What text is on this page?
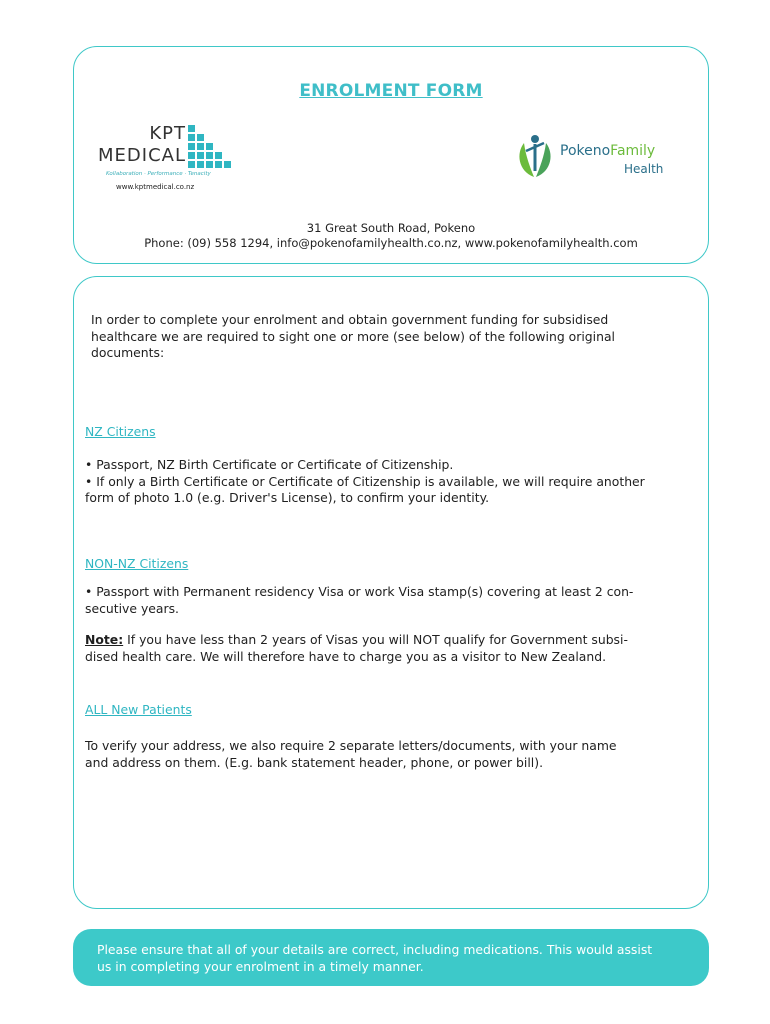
ENROLMENT FORM
KPT
MEDICAL
Kollaboration · Performance · Tenacity
www.kptmedical.co.nz
PokenoFamily
Health
31 Great South Road, Pokeno
Phone: (09) 558 1294, info@pokenofamilyhealth.co.nz, www.pokenofamilyhealth.com
In order to complete your enrolment and obtain government funding for subsidised
healthcare we are required to sight one or more (see below) of the following original
documents:
NZ Citizens
• Passport, NZ Birth Certificate or Certificate of Citizenship.
• If only a Birth Certificate or Certificate of Citizenship is available, we will require another
form of photo 1.0 (e.g. Driver's License), to confirm your identity.
NON-NZ Citizens
• Passport with Permanent residency Visa or work Visa stamp(s) covering at least 2 con-
secutive years.
Note: If you have less than 2 years of Visas you will NOT qualify for Government subsi-
dised health care. We will therefore have to charge you as a visitor to New Zealand.
ALL New Patients
To verify your address, we also require 2 separate letters/documents, with your name
and address on them. (E.g. bank statement header, phone, or power bill).
Please ensure that all of your details are correct, including medications. This would assist
us in completing your enrolment in a timely manner.
